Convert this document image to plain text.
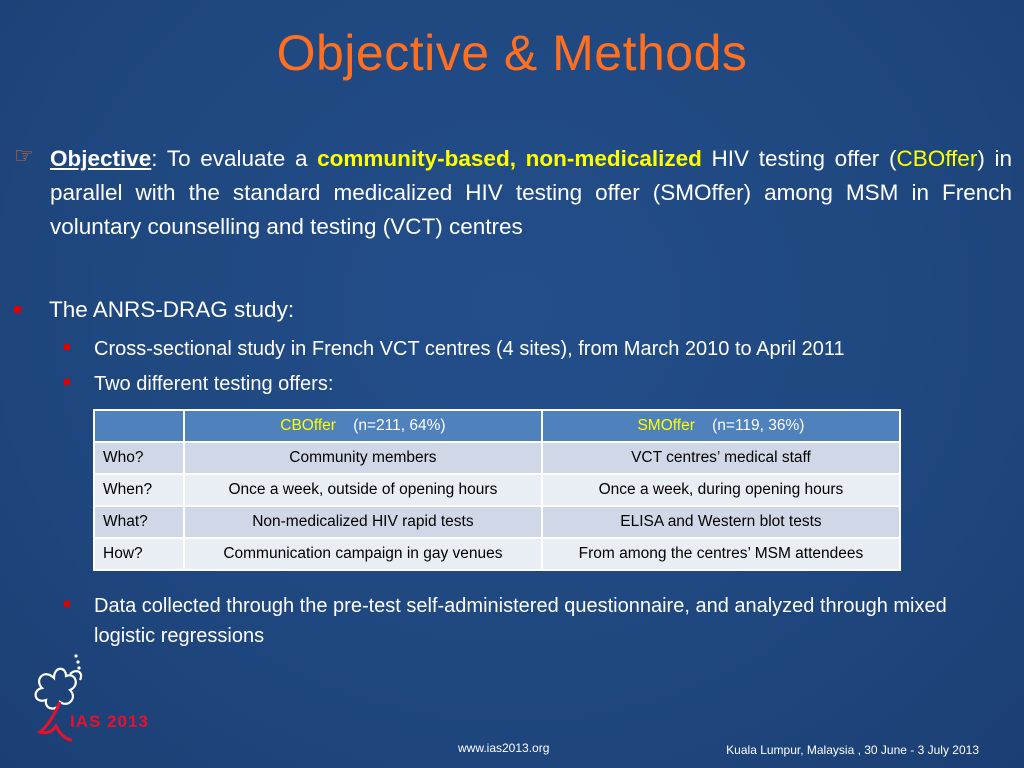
Objective & Methods
☞ Objective: To evaluate a community-based, non-medicalized HIV testing offer (CBOffer) in parallel with the standard medicalized HIV testing offer (SMOffer) among MSM in French voluntary counselling and testing (VCT) centres
The ANRS-DRAG study:
Cross-sectional study in French VCT centres (4 sites), from March 2010 to April 2011
Two different testing offers:
	CBOffer (n=211, 64%)	SMOffer (n=119, 36%)
Who?	Community members	VCT centres’ medical staff
When?	Once a week, outside of opening hours	Once a week, during opening hours
What?	Non-medicalized HIV rapid tests	ELISA and Western blot tests
How?	Communication campaign in gay venues	From among the centres’ MSM attendees
Data collected through the pre-test self-administered questionnaire, and analyzed through mixed logistic regressions
IAS 2013
www.ias2013.org	Kuala Lumpur, Malaysia , 30 June - 3 July 2013
